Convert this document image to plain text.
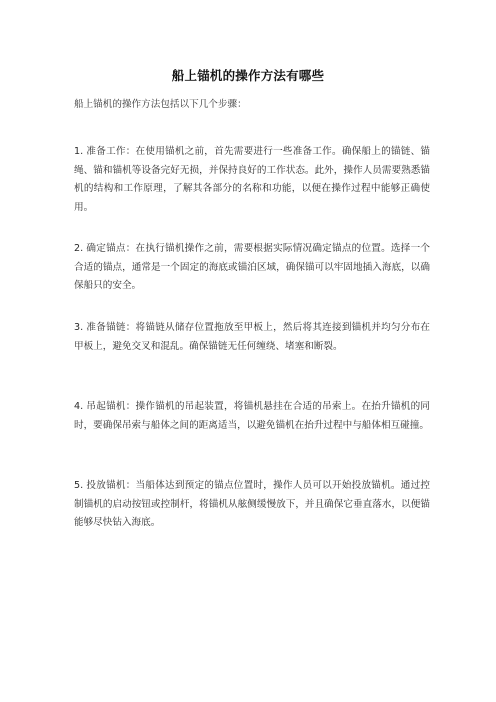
船上锚机的操作方法有哪些
船上锚机的操作方法包括以下几个步骤：
1. 准备工作：在使用锚机之前，首先需要进行一些准备工作。确保船上的锚链、锚绳、锚和锚机等设备完好无损，并保持良好的工作状态。此外，操作人员需要熟悉锚机的结构和工作原理，了解其各部分的名称和功能，以便在操作过程中能够正确使用。
2. 确定锚点：在执行锚机操作之前，需要根据实际情况确定锚点的位置。选择一个合适的锚点，通常是一个固定的海底或锚泊区域，确保锚可以牢固地插入海底，以确保船只的安全。
3. 准备锚链：将锚链从储存位置拖放至甲板上，然后将其连接到锚机并均匀分布在甲板上，避免交叉和混乱。确保锚链无任何缠绕、堵塞和断裂。
4. 吊起锚机：操作锚机的吊起装置，将锚机悬挂在合适的吊索上。在抬升锚机的同时，要确保吊索与船体之间的距离适当，以避免锚机在抬升过程中与船体相互碰撞。
5. 投放锚机：当船体达到预定的锚点位置时，操作人员可以开始投放锚机。通过控制锚机的启动按钮或控制杆，将锚机从舷侧缓慢放下，并且确保它垂直落水，以便锚能够尽快钻入海底。
